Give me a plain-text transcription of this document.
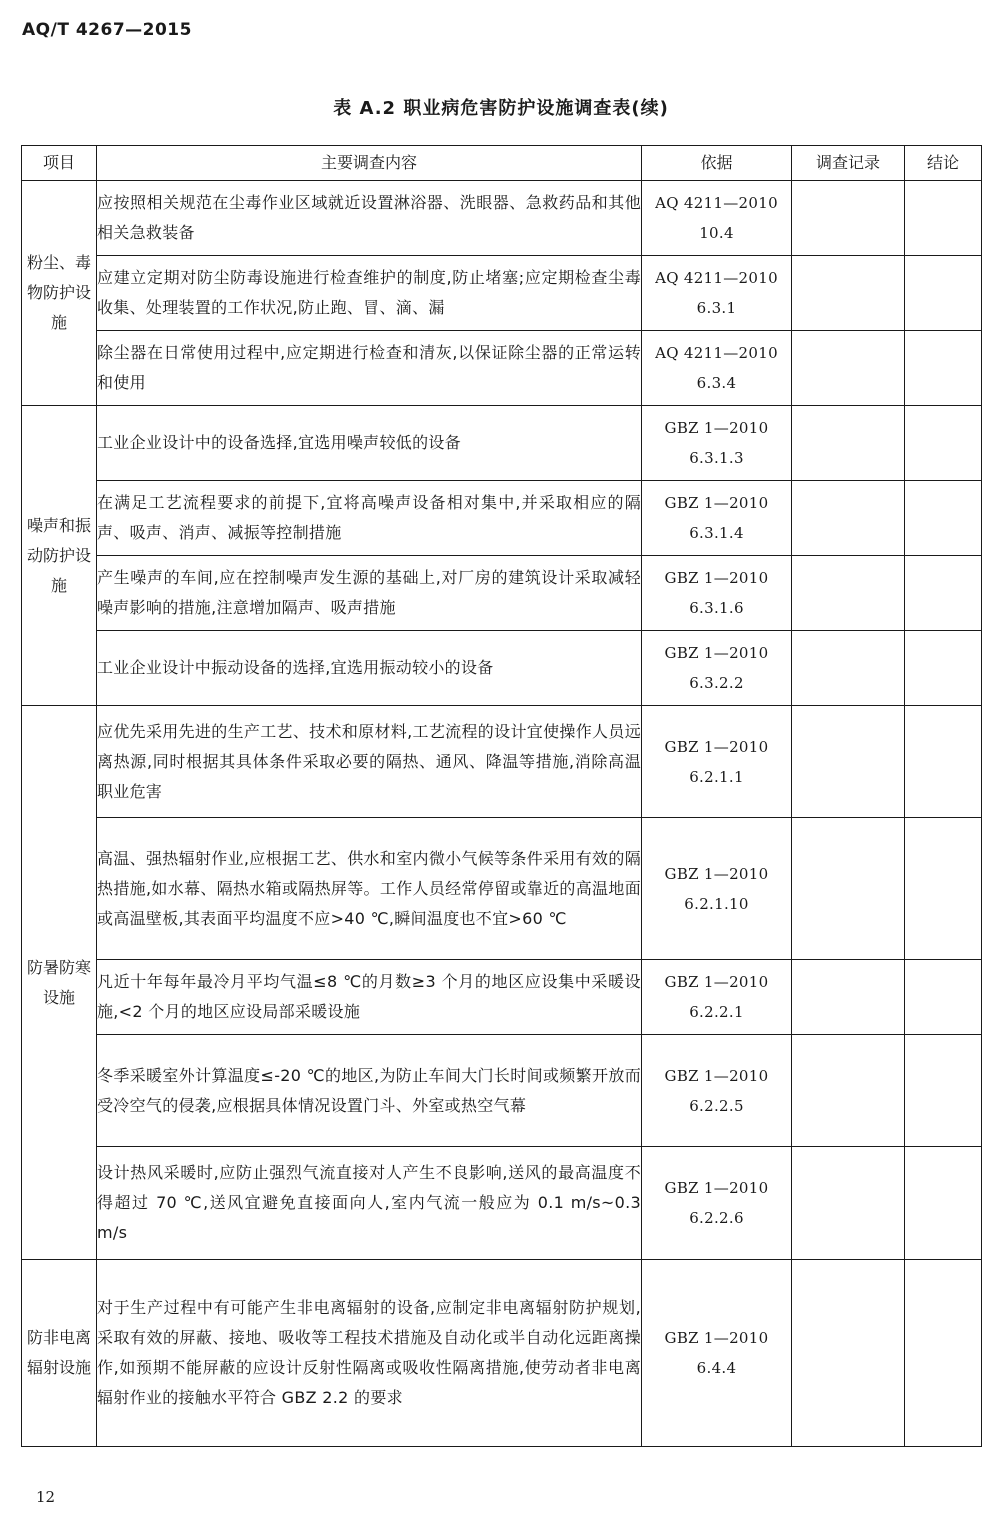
AQ/T 4267—2015
表 A.2 职业病危害防护设施调查表(续)
项目	主要调查内容	依据	调查记录	结论
粉尘、毒物防护设施	应按照相关规范在尘毒作业区域就近设置淋浴器、洗眼器、急救药品和其他相关急救装备	AQ 4211—2010
10.4		

	应建立定期对防尘防毒设施进行检查维护的制度,防止堵塞;应定期检查尘毒收集、处理装置的工作状况,防止跑、冒、滴、漏	AQ 4211—2010
6.3.1		

	除尘器在日常使用过程中,应定期进行检查和清灰,以保证除尘器的正常运转和使用	AQ 4211—2010
6.3.4		

噪声和振动防护设施	工业企业设计中的设备选择,宜选用噪声较低的设备	GBZ 1—2010
6.3.1.3		

	在满足工艺流程要求的前提下,宜将高噪声设备相对集中,并采取相应的隔声、吸声、消声、减振等控制措施	GBZ 1—2010
6.3.1.4		

	产生噪声的车间,应在控制噪声发生源的基础上,对厂房的建筑设计采取减轻噪声影响的措施,注意增加隔声、吸声措施	GBZ 1—2010
6.3.1.6		

	工业企业设计中振动设备的选择,宜选用振动较小的设备	GBZ 1—2010
6.3.2.2		

防暑防寒设施	应优先采用先进的生产工艺、技术和原材料,工艺流程的设计宜使操作人员远离热源,同时根据其具体条件采取必要的隔热、通风、降温等措施,消除高温职业危害	GBZ 1—2010
6.2.1.1		

	高温、强热辐射作业,应根据工艺、供水和室内微小气候等条件采用有效的隔热措施,如水幕、隔热水箱或隔热屏等。工作人员经常停留或靠近的高温地面或高温壁板,其表面平均温度不应>40 ℃,瞬间温度也不宜>60 ℃	GBZ 1—2010
6.2.1.10		

	凡近十年每年最冷月平均气温≤8 ℃的月数≥3 个月的地区应设集中采暖设施,<2 个月的地区应设局部采暖设施	GBZ 1—2010
6.2.2.1		

	冬季采暖室外计算温度≤-20 ℃的地区,为防止车间大门长时间或频繁开放而受冷空气的侵袭,应根据具体情况设置门斗、外室或热空气幕	GBZ 1—2010
6.2.2.5		

	设计热风采暖时,应防止强烈气流直接对人产生不良影响,送风的最高温度不得超过 70 ℃,送风宜避免直接面向人,室内气流一般应为 0.1 m/s~0.3 m/s	GBZ 1—2010
6.2.2.6		

防非电离辐射设施	对于生产过程中有可能产生非电离辐射的设备,应制定非电离辐射防护规划,采取有效的屏蔽、接地、吸收等工程技术措施及自动化或半自动化远距离操作,如预期不能屏蔽的应设计反射性隔离或吸收性隔离措施,使劳动者非电离辐射作业的接触水平符合 GBZ 2.2 的要求	GBZ 1—2010
6.4.4		

12
